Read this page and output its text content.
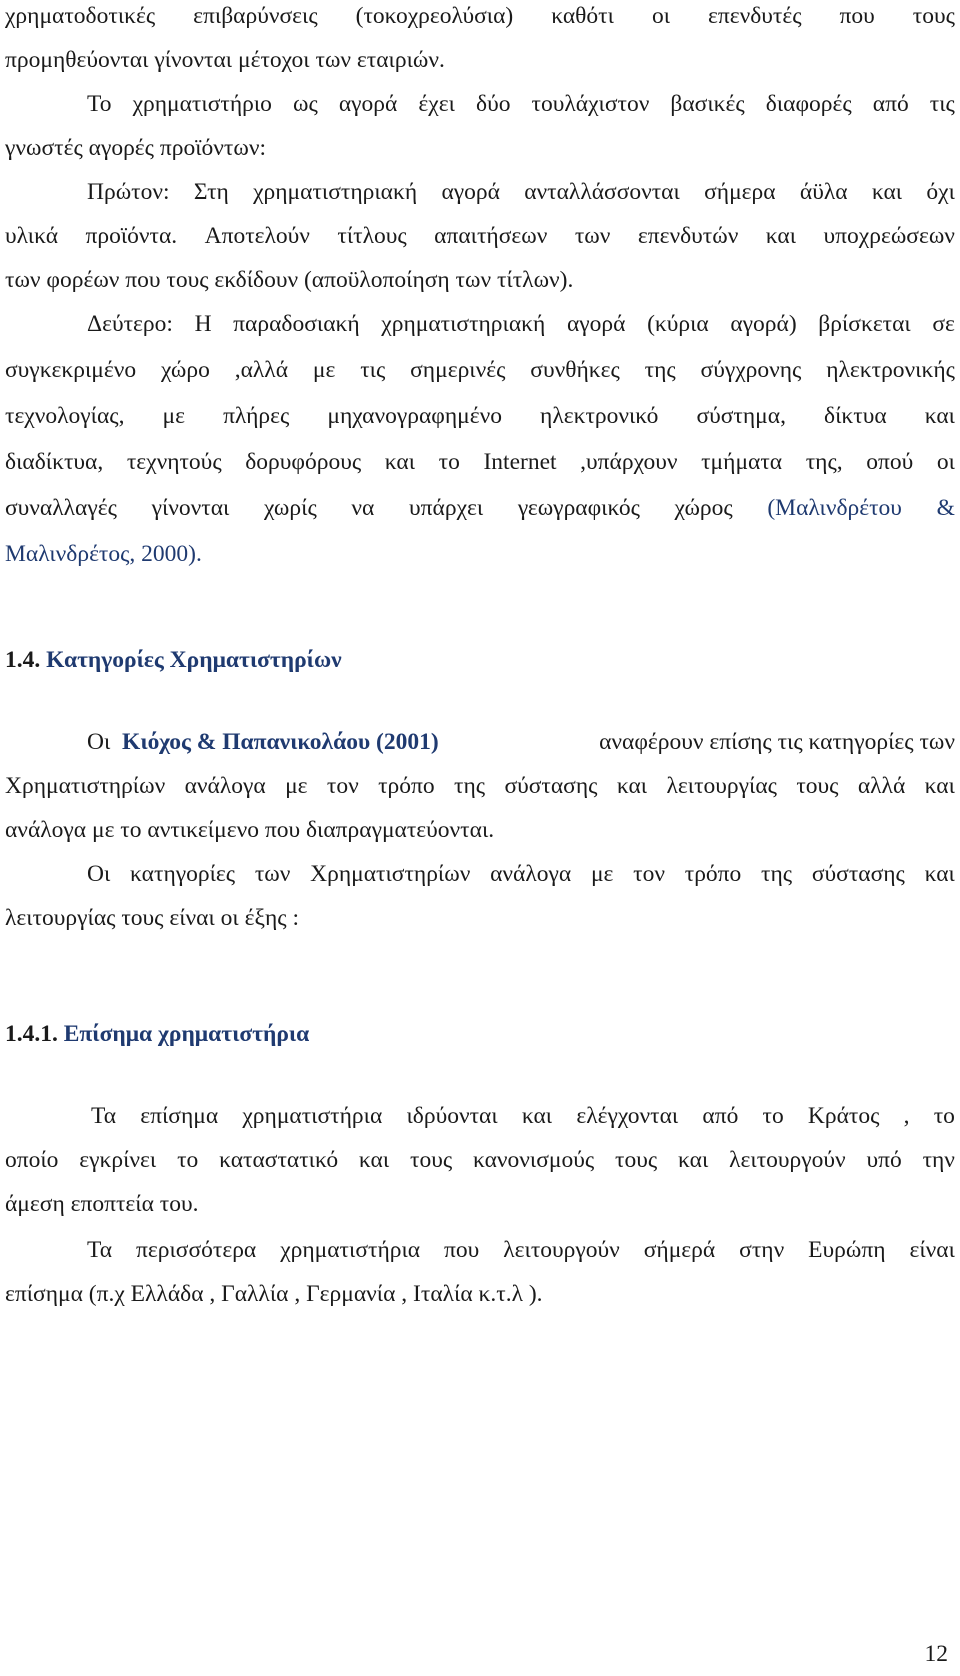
χρηματοδοτικές επιβαρύνσεις (τοκοχρεολύσια) καθότι οι επενδυτές που τους
προμηθεύονται γίνονται μέτοχοι των εταιριών.
Το χρηματιστήριο ως αγορά έχει δύο τουλάχιστον βασικές διαφορές από τις
γνωστές αγορές προϊόντων:
Πρώτον: Στη χρηματιστηριακή αγορά ανταλλάσσονται σήμερα άϋλα και όχι
υλικά προϊόντα. Αποτελούν τίτλους απαιτήσεων των επενδυτών και υποχρεώσεων
των φορέων που τους εκδίδουν (αποϋλοποίηση των τίτλων).
Δεύτερο: Η παραδοσιακή χρηματιστηριακή αγορά (κύρια αγορά) βρίσκεται σε
συγκεκριμένο χώρο ,αλλά με τις σημερινές συνθήκες της σύγχρονης ηλεκτρονικής
τεχνολογίας, με πλήρες μηχανογραφημένο ηλεκτρονικό σύστημα, δίκτυα και
διαδίκτυα, τεχνητούς δορυφόρους και το Internet ,υπάρχουν τμήματα της, οπού οι
συναλλαγές γίνονται χωρίς να υπάρχει γεωγραφικός χώρος (Μαλινδρέτου &
Μαλινδρέτος, 2000).
1.4. Κατηγορίες Χρηματιστηρίων
Οι Κιόχος & Παπανικολάου (2001)	αναφέρουν επίσης τις κατηγορίες των
Χρηματιστηρίων ανάλογα με τον τρόπο της σύστασης και λειτουργίας τους αλλά και
ανάλογα με το αντικείμενο που διαπραγματεύονται.
Οι κατηγορίες των Χρηματιστηρίων ανάλογα με τον τρόπο της σύστασης και
λειτουργίας τους είναι οι έξης :
1.4.1. Επίσημα χρηματιστήρια
Τα επίσημα χρηματιστήρια ιδρύονται και ελέγχονται από το Κράτος , το
οποίο εγκρίνει το καταστατικό και τους κανονισμούς τους και λειτουργούν υπό την
άμεση εποπτεία του.
Τα περισσότερα χρηματιστήρια που λειτουργούν σήμερά στην Ευρώπη είναι
επίσημα (π.χ Ελλάδα , Γαλλία , Γερμανία , Ιταλία κ.τ.λ ).
12
